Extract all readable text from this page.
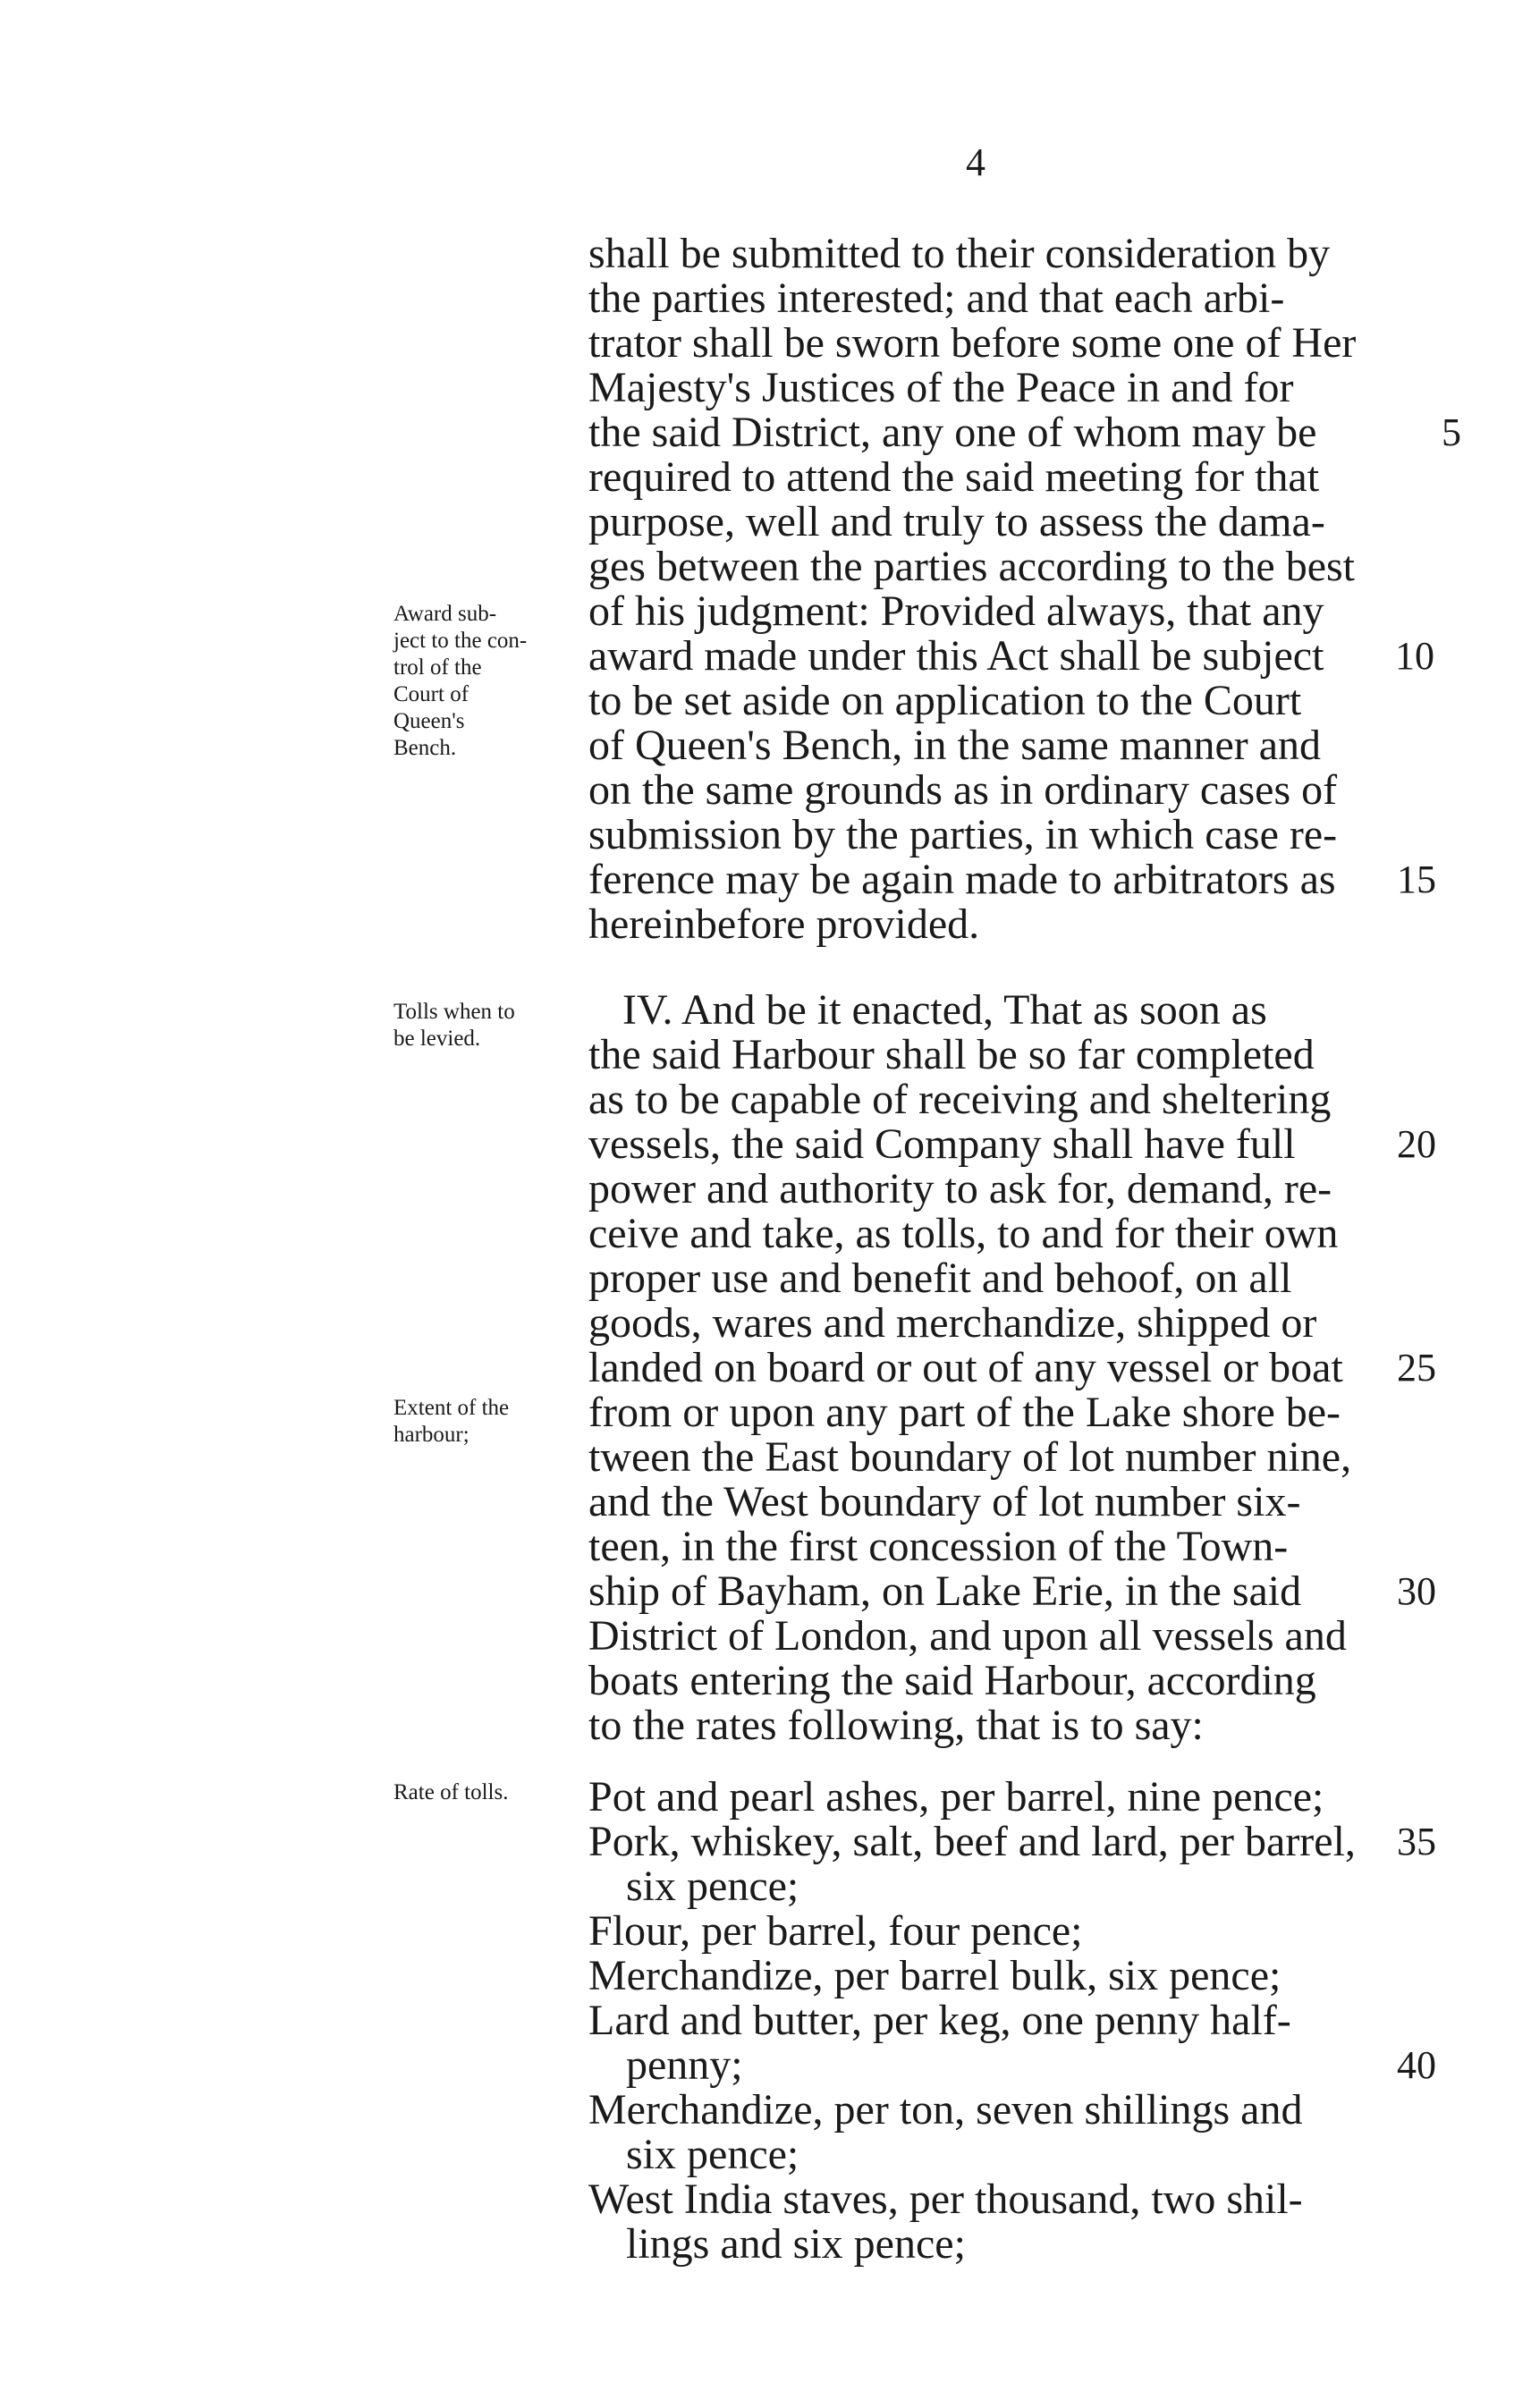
4
Award sub-
ject to the con-
trol of the
Court of
Queen's
Bench.
Tolls when to
be levied.
Extent of the
harbour;
Rate of tolls.
shall be submitted to their consideration by
the parties interested; and that each arbi-
trator shall be sworn before some one of Her
Majesty's Justices of the Peace in and for
the said District, any one of whom may be
required to attend the said meeting for that
purpose, well and truly to assess the dama-
ges between the parties according to the best
of his judgment: Provided always, that any
award made under this Act shall be subject
to be set aside on application to the Court
of Queen's Bench, in the same manner and
on the same grounds as in ordinary cases of
submission by the parties, in which case re-
ference may be again made to arbitrators as
hereinbefore provided.
IV. And be it enacted, That as soon as
the said Harbour shall be so far completed
as to be capable of receiving and sheltering
vessels, the said Company shall have full
power and authority to ask for, demand, re-
ceive and take, as tolls, to and for their own
proper use and benefit and behoof, on all
goods, wares and merchandize, shipped or
landed on board or out of any vessel or boat
from or upon any part of the Lake shore be-
tween the East boundary of lot number nine,
and the West boundary of lot number six-
teen, in the first concession of the Town-
ship of Bayham, on Lake Erie, in the said
District of London, and upon all vessels and
boats entering the said Harbour, according
to the rates following, that is to say:
Pot and pearl ashes, per barrel, nine pence;
Pork, whiskey, salt, beef and lard, per barrel,
six pence;
Flour, per barrel, four pence;
Merchandize, per barrel bulk, six pence;
Lard and butter, per keg, one penny half-
penny;
Merchandize, per ton, seven shillings and
six pence;
West India staves, per thousand, two shil-
lings and six pence;
5
10
15
20
25
30
35
40
